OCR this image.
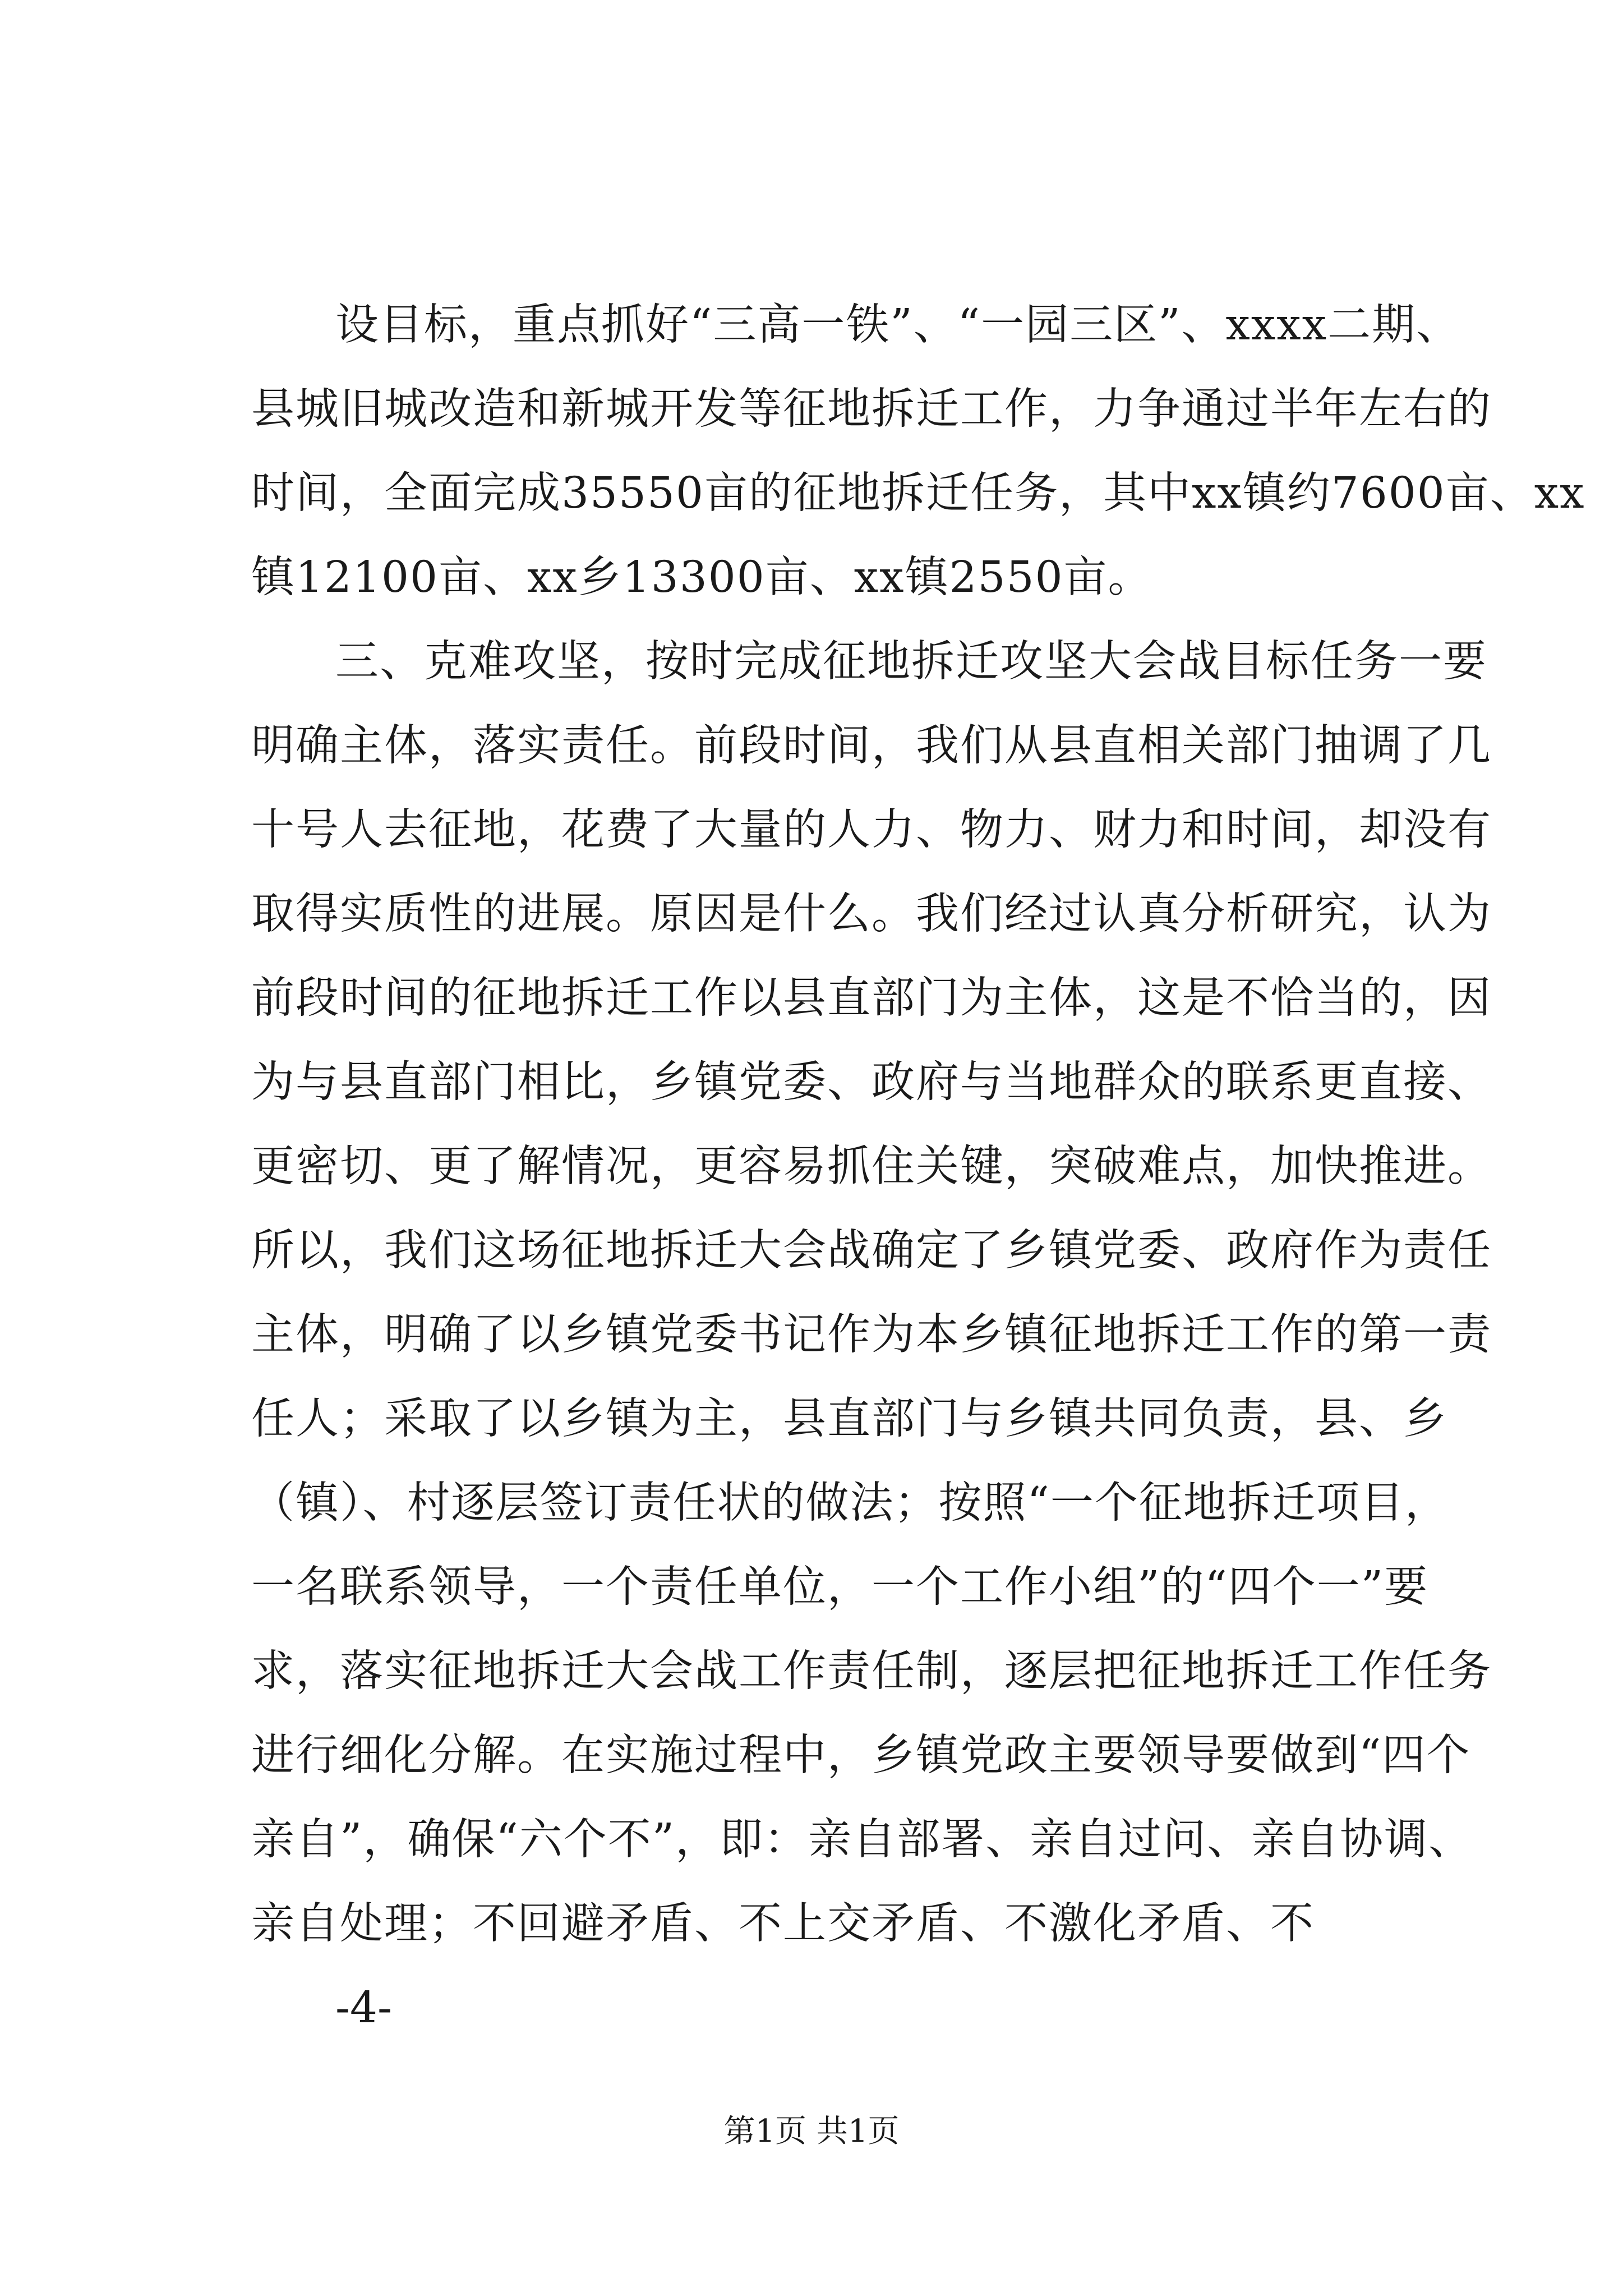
设目标，重点抓好“三高一铁”、“一园三区”、xxxx二期、
县城旧城改造和新城开发等征地拆迁工作，力争通过半年左右的
时间，全面完成35550亩的征地拆迁任务，其中xx镇约7600亩、xx
镇12100亩、xx乡13300亩、xx镇2550亩。
三、克难攻坚，按时完成征地拆迁攻坚大会战目标任务一要
明确主体，落实责任。前段时间，我们从县直相关部门抽调了几
十号人去征地，花费了大量的人力、物力、财力和时间，却没有
取得实质性的进展。原因是什么。我们经过认真分析研究，认为
前段时间的征地拆迁工作以县直部门为主体，这是不恰当的，因
为与县直部门相比，乡镇党委、政府与当地群众的联系更直接、
更密切、更了解情况，更容易抓住关键，突破难点，加快推进。
所以，我们这场征地拆迁大会战确定了乡镇党委、政府作为责任
主体，明确了以乡镇党委书记作为本乡镇征地拆迁工作的第一责
任人；采取了以乡镇为主，县直部门与乡镇共同负责，县、乡
（镇）、村逐层签订责任状的做法；按照“一个征地拆迁项目，
一名联系领导，一个责任单位，一个工作小组”的“四个一”要
求，落实征地拆迁大会战工作责任制，逐层把征地拆迁工作任务
进行细化分解。在实施过程中，乡镇党政主要领导要做到“四个
亲自”，确保“六个不”，即：亲自部署、亲自过问、亲自协调、
亲自处理；不回避矛盾、不上交矛盾、不激化矛盾、不
-4-
第1页 共1页
